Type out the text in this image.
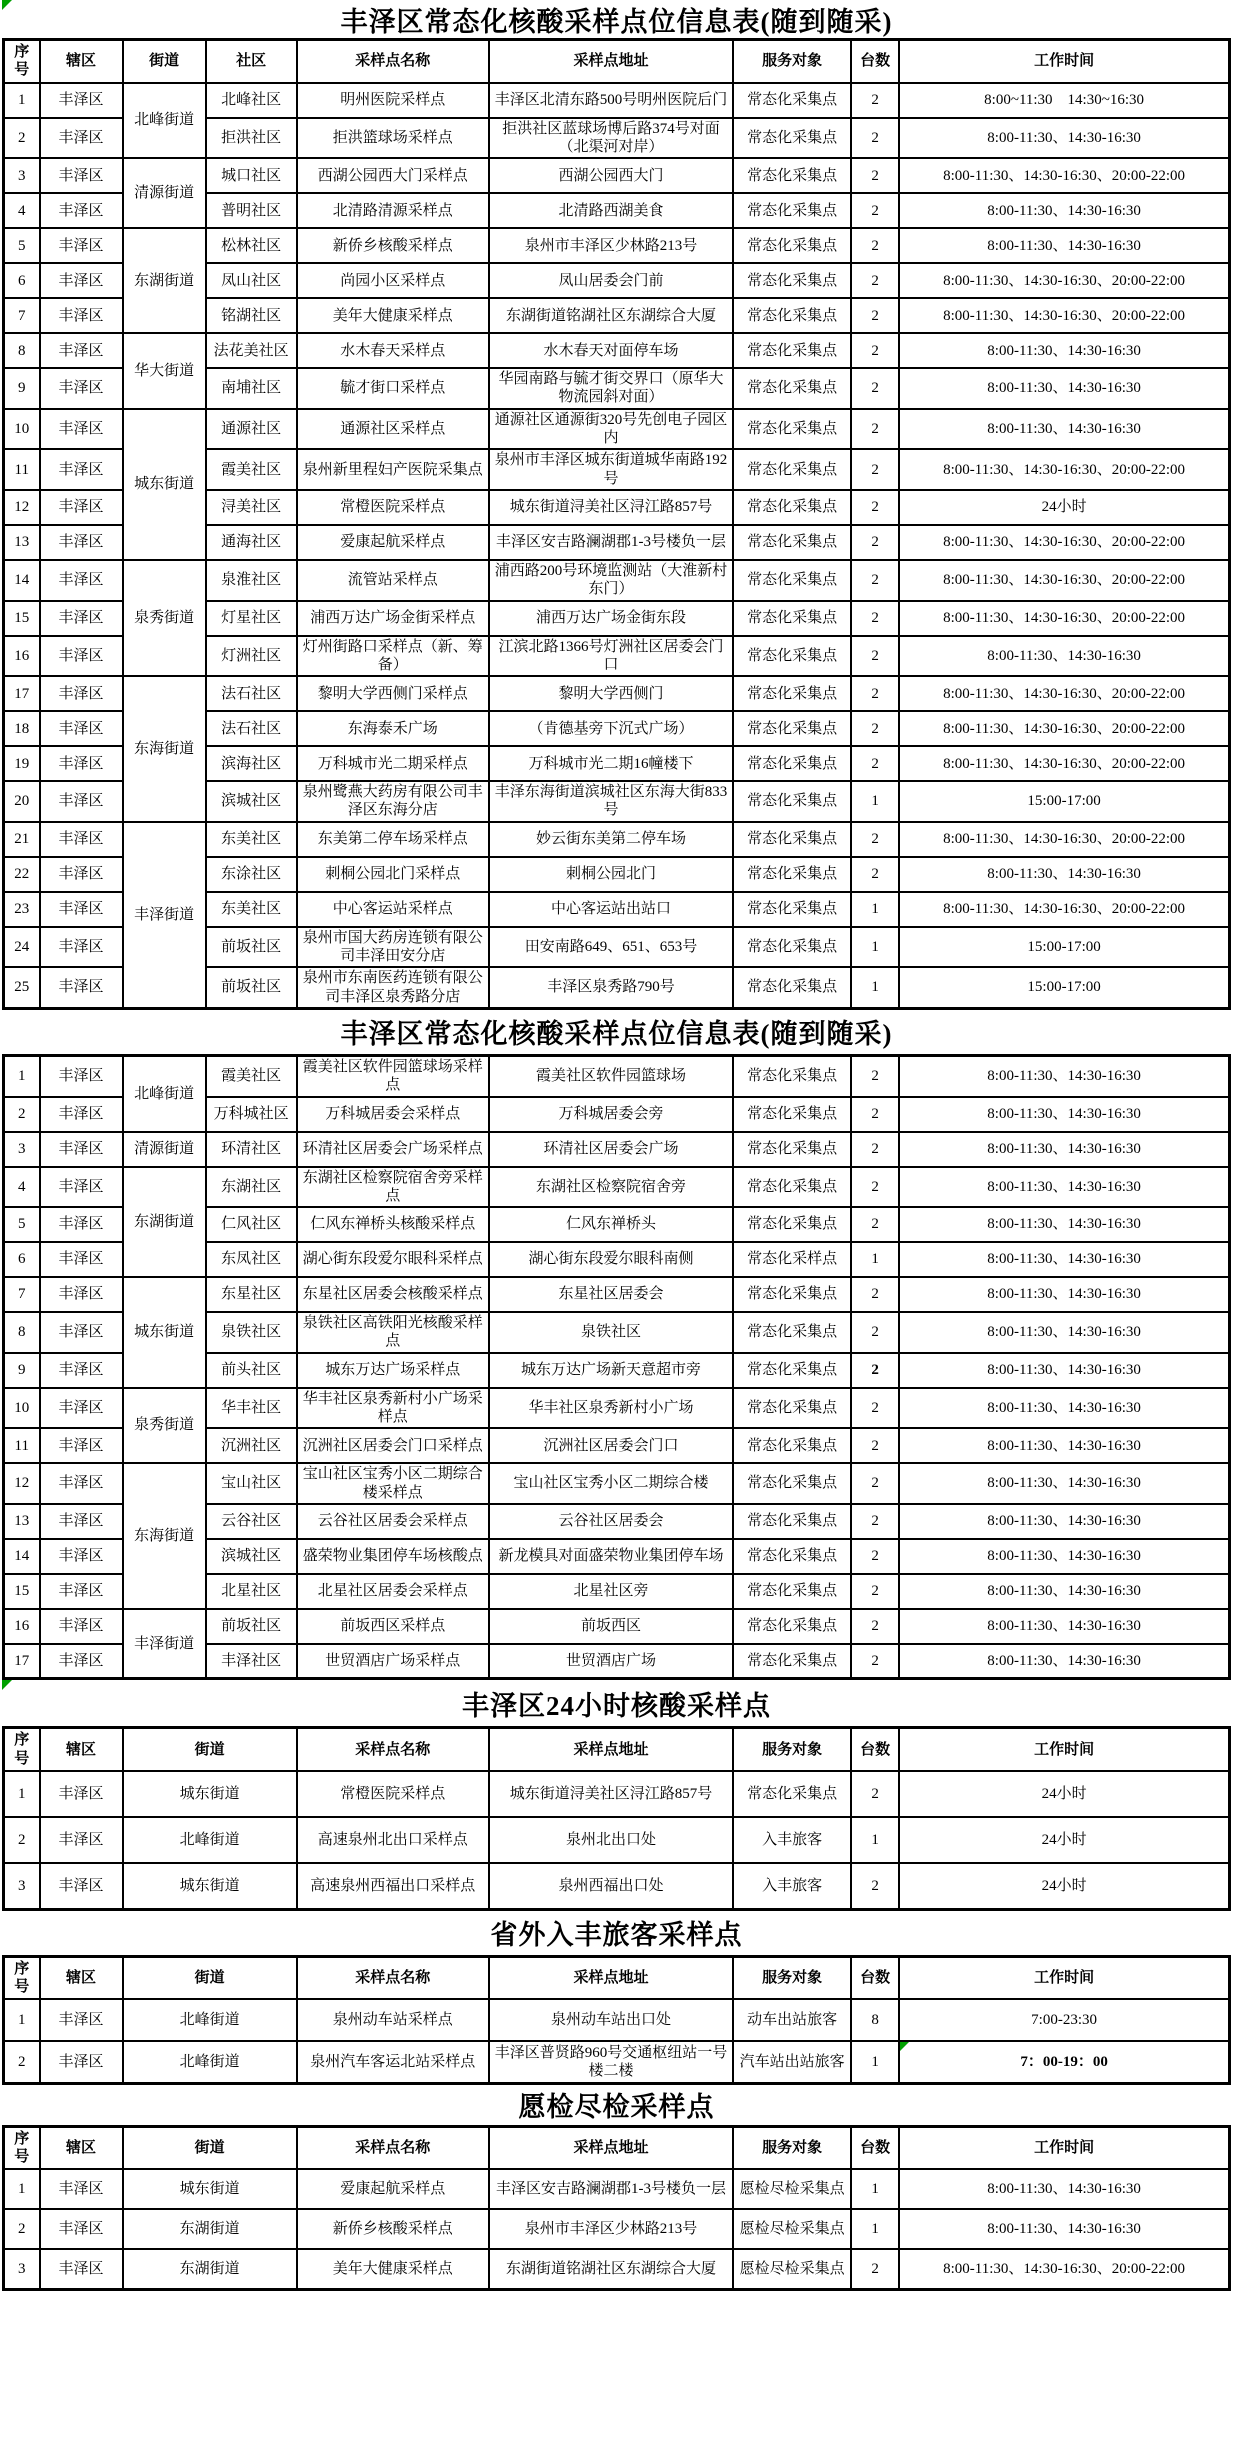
丰泽区常态化核酸采样点位信息表(随到随采)
序号	辖区	街道	社区	采样点名称	采样点地址	服务对象	台数	工作时间
1	丰泽区	北峰街道	北峰社区	明州医院采样点	丰泽区北清东路500号明州医院后门	常态化采集点	2	8:00~11:30　14:30~16:30
2	丰泽区		拒洪社区	拒洪篮球场采样点	拒洪社区蓝球场博后路374号对面（北渠河对岸）	常态化采集点	2	8:00-11:30、14:30-16:30
3	丰泽区	清源街道	城口社区	西湖公园西大门采样点	西湖公园西大门	常态化采集点	2	8:00-11:30、14:30-16:30、20:00-22:00
4	丰泽区		普明社区	北清路清源采样点	北清路西湖美食	常态化采集点	2	8:00-11:30、14:30-16:30
5	丰泽区	东湖街道	松林社区	新侨乡核酸采样点	泉州市丰泽区少林路213号	常态化采集点	2	8:00-11:30、14:30-16:30
6	丰泽区		凤山社区	尚园小区采样点	凤山居委会门前	常态化采集点	2	8:00-11:30、14:30-16:30、20:00-22:00
7	丰泽区		铭湖社区	美年大健康采样点	东湖街道铭湖社区东湖综合大厦	常态化采集点	2	8:00-11:30、14:30-16:30、20:00-22:00
8	丰泽区	华大街道	法花美社区	水木春天采样点	水木春天对面停车场	常态化采集点	2	8:00-11:30、14:30-16:30
9	丰泽区		南埔社区	毓才街口采样点	华园南路与毓才街交界口（原华大物流园斜对面）	常态化采集点	2	8:00-11:30、14:30-16:30
10	丰泽区	城东街道	通源社区	通源社区采样点	通源社区通源街320号先创电子园区内	常态化采集点	2	8:00-11:30、14:30-16:30
11	丰泽区		霞美社区	泉州新里程妇产医院采集点	泉州市丰泽区城东街道城华南路192号	常态化采集点	2	8:00-11:30、14:30-16:30、20:00-22:00
12	丰泽区		浔美社区	常橙医院采样点	城东街道浔美社区浔江路857号	常态化采集点	2	24小时
13	丰泽区		通海社区	爱康起航采样点	丰泽区安吉路澜湖郡1-3号楼负一层	常态化采集点	2	8:00-11:30、14:30-16:30、20:00-22:00
14	丰泽区	泉秀街道	泉淮社区	流管站采样点	浦西路200号环境监测站（大淮新村东门）	常态化采集点	2	8:00-11:30、14:30-16:30、20:00-22:00
15	丰泽区		灯星社区	浦西万达广场金街采样点	浦西万达广场金街东段	常态化采集点	2	8:00-11:30、14:30-16:30、20:00-22:00
16	丰泽区		灯洲社区	灯州街路口采样点（新、筹备）	江滨北路1366号灯洲社区居委会门口	常态化采集点	2	8:00-11:30、14:30-16:30
17	丰泽区	东海街道	法石社区	黎明大学西侧门采样点	黎明大学西侧门	常态化采集点	2	8:00-11:30、14:30-16:30、20:00-22:00
18	丰泽区		法石社区	东海泰禾广场	（肯德基旁下沉式广场）	常态化采集点	2	8:00-11:30、14:30-16:30、20:00-22:00
19	丰泽区		滨海社区	万科城市光二期采样点	万科城市光二期16幢楼下	常态化采集点	2	8:00-11:30、14:30-16:30、20:00-22:00
20	丰泽区		滨城社区	泉州鹭燕大药房有限公司丰泽区东海分店	丰泽东海街道滨城社区东海大街833号	常态化采集点	1	15:00-17:00
21	丰泽区	丰泽街道	东美社区	东美第二停车场采样点	妙云街东美第二停车场	常态化采集点	2	8:00-11:30、14:30-16:30、20:00-22:00
22	丰泽区		东涂社区	刺桐公园北门采样点	刺桐公园北门	常态化采集点	2	8:00-11:30、14:30-16:30
23	丰泽区		东美社区	中心客运站采样点	中心客运站出站口	常态化采集点	1	8:00-11:30、14:30-16:30、20:00-22:00
24	丰泽区		前坂社区	泉州市国大药房连锁有限公司丰泽田安分店	田安南路649、651、653号	常态化采集点	1	15:00-17:00
25	丰泽区		前坂社区	泉州市东南医药连锁有限公司丰泽区泉秀路分店	丰泽区泉秀路790号	常态化采集点	1	15:00-17:00
丰泽区常态化核酸采样点位信息表(随到随采)
1	丰泽区	北峰街道	霞美社区	霞美社区软件园篮球场采样点	霞美社区软件园篮球场	常态化采集点	2	8:00-11:30、14:30-16:30
2	丰泽区		万科城社区	万科城居委会采样点	万科城居委会旁	常态化采集点	2	8:00-11:30、14:30-16:30
3	丰泽区	清源街道	环清社区	环清社区居委会广场采样点	环清社区居委会广场	常态化采集点	2	8:00-11:30、14:30-16:30
4	丰泽区	东湖街道	东湖社区	东湖社区检察院宿舍旁采样点	东湖社区检察院宿舍旁	常态化采集点	2	8:00-11:30、14:30-16:30
5	丰泽区		仁风社区	仁风东禅桥头核酸采样点	仁风东禅桥头	常态化采集点	2	8:00-11:30、14:30-16:30
6	丰泽区		东凤社区	湖心街东段爱尔眼科采样点	湖心街东段爱尔眼科南侧	常态化采样点	1	8:00-11:30、14:30-16:30
7	丰泽区	城东街道	东星社区	东星社区居委会核酸采样点	东星社区居委会	常态化采集点	2	8:00-11:30、14:30-16:30
8	丰泽区		泉铁社区	泉铁社区高铁阳光核酸采样点	泉铁社区	常态化采集点	2	8:00-11:30、14:30-16:30
9	丰泽区		前头社区	城东万达广场采样点	城东万达广场新天意超市旁	常态化采集点	2	8:00-11:30、14:30-16:30
10	丰泽区	泉秀街道	华丰社区	华丰社区泉秀新村小广场采样点	华丰社区泉秀新村小广场	常态化采集点	2	8:00-11:30、14:30-16:30
11	丰泽区		沉洲社区	沉洲社区居委会门口采样点	沉洲社区居委会门口	常态化采集点	2	8:00-11:30、14:30-16:30
12	丰泽区	东海街道	宝山社区	宝山社区宝秀小区二期综合楼采样点	宝山社区宝秀小区二期综合楼	常态化采集点	2	8:00-11:30、14:30-16:30
13	丰泽区		云谷社区	云谷社区居委会采样点	云谷社区居委会	常态化采集点	2	8:00-11:30、14:30-16:30
14	丰泽区		滨城社区	盛荣物业集团停车场核酸点	新龙模具对面盛荣物业集团停车场	常态化采集点	2	8:00-11:30、14:30-16:30
15	丰泽区		北星社区	北星社区居委会采样点	北星社区旁	常态化采集点	2	8:00-11:30、14:30-16:30
16	丰泽区	丰泽街道	前坂社区	前坂西区采样点	前坂西区	常态化采集点	2	8:00-11:30、14:30-16:30
17	丰泽区		丰泽社区	世贸酒店广场采样点	世贸酒店广场	常态化采集点	2	8:00-11:30、14:30-16:30
丰泽区24小时核酸采样点
序号	辖区	街道	采样点名称	采样点地址	服务对象	台数	工作时间
1	丰泽区	城东街道	常橙医院采样点	城东街道浔美社区浔江路857号	常态化采集点	2	24小时
2	丰泽区	北峰街道	高速泉州北出口采样点	泉州北出口处	入丰旅客	1	24小时
3	丰泽区	城东街道	高速泉州西福出口采样点	泉州西福出口处	入丰旅客	2	24小时
省外入丰旅客采样点
序号	辖区	街道	采样点名称	采样点地址	服务对象	台数	工作时间
1	丰泽区	北峰街道	泉州动车站采样点	泉州动车站出口处	动车出站旅客	8	7:00-23:30
2	丰泽区	北峰街道	泉州汽车客运北站采样点	丰泽区普贤路960号交通枢纽站一号楼二楼	汽车站出站旅客	1	7：00-19：00
愿检尽检采样点
序号	辖区	街道	采样点名称	采样点地址	服务对象	台数	工作时间
1	丰泽区	城东街道	爱康起航采样点	丰泽区安吉路澜湖郡1-3号楼负一层	愿检尽检采集点	1	8:00-11:30、14:30-16:30
2	丰泽区	东湖街道	新侨乡核酸采样点	泉州市丰泽区少林路213号	愿检尽检采集点	1	8:00-11:30、14:30-16:30
3	丰泽区	东湖街道	美年大健康采样点	东湖街道铭湖社区东湖综合大厦	愿检尽检采集点	2	8:00-11:30、14:30-16:30、20:00-22:00
